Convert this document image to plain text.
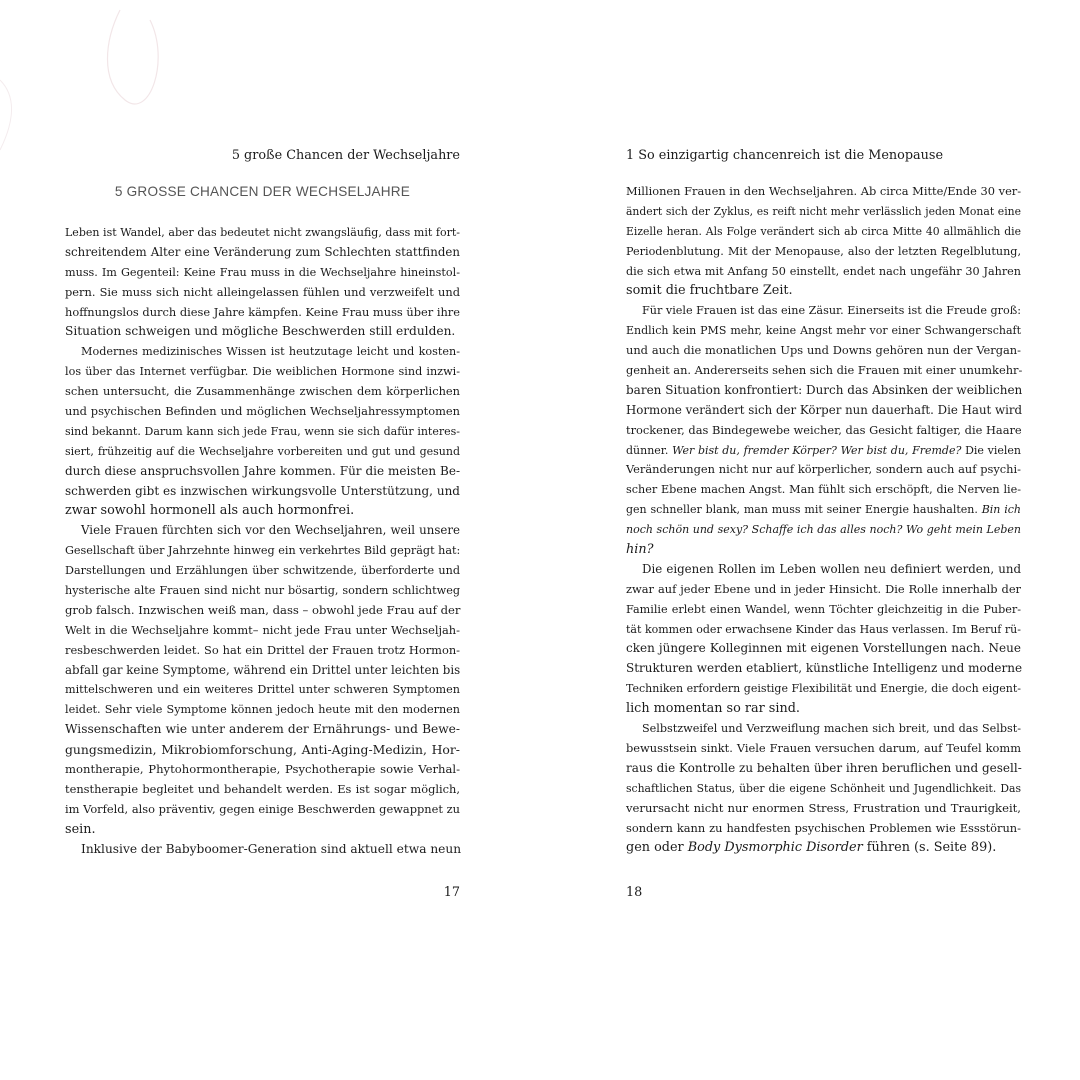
5 große Chancen der Wechseljahre
5 GROSSE CHANCEN DER WECHSELJAHRE
Leben ist Wandel, aber das bedeutet nicht zwangsläufig, dass mit fort-
schreitendem Alter eine Veränderung zum Schlechten stattfinden
muss. Im Gegenteil: Keine Frau muss in die Wechseljahre hineinstol-
pern. Sie muss sich nicht alleingelassen fühlen und verzweifelt und
hoffnungslos durch diese Jahre kämpfen. Keine Frau muss über ihre
Situation schweigen und mögliche Beschwerden still erdulden.
Modernes medizinisches Wissen ist heutzutage leicht und kosten-
los über das Internet verfügbar. Die weiblichen Hormone sind inzwi-
schen untersucht, die Zusammenhänge zwischen dem körperlichen
und psychischen Befinden und möglichen Wechseljahressymptomen
sind bekannt. Darum kann sich jede Frau, wenn sie sich dafür interes-
siert, frühzeitig auf die Wechseljahre vorbereiten und gut und gesund
durch diese anspruchsvollen Jahre kommen. Für die meisten Be-
schwerden gibt es inzwischen wirkungsvolle Unterstützung, und
zwar sowohl hormonell als auch hormonfrei.
Viele Frauen fürchten sich vor den Wechseljahren, weil unsere
Gesellschaft über Jahrzehnte hinweg ein verkehrtes Bild geprägt hat:
Darstellungen und Erzählungen über schwitzende, überforderte und
hysterische alte Frauen sind nicht nur bösartig, sondern schlichtweg
grob falsch. Inzwischen weiß man, dass – obwohl jede Frau auf der
Welt in die Wechseljahre kommt– nicht jede Frau unter Wechseljah-
resbeschwerden leidet. So hat ein Drittel der Frauen trotz Hormon-
abfall gar keine Symptome, während ein Drittel unter leichten bis
mittelschweren und ein weiteres Drittel unter schweren Symptomen
leidet. Sehr viele Symptome können jedoch heute mit den modernen
Wissenschaften wie unter anderem der Ernährungs- und Bewe-
gungsmedizin, Mikrobiomforschung, Anti-Aging-Medizin, Hor-
montherapie, Phytohormontherapie, Psychotherapie sowie Verhal-
tenstherapie begleitet und behandelt werden. Es ist sogar möglich,
im Vorfeld, also präventiv, gegen einige Beschwerden gewappnet zu
sein.
Inklusive der Babyboomer-Generation sind aktuell etwa neun
17
1 So einzigartig chancenreich ist die Menopause
Millionen Frauen in den Wechseljahren. Ab circa Mitte/Ende 30 ver-
ändert sich der Zyklus, es reift nicht mehr verlässlich jeden Monat eine
Eizelle heran. Als Folge verändert sich ab circa Mitte 40 allmählich die
Periodenblutung. Mit der Menopause, also der letzten Regelblutung,
die sich etwa mit Anfang 50 einstellt, endet nach ungefähr 30 Jahren
somit die fruchtbare Zeit.
Für viele Frauen ist das eine Zäsur. Einerseits ist die Freude groß:
Endlich kein PMS mehr, keine Angst mehr vor einer Schwangerschaft
und auch die monatlichen Ups und Downs gehören nun der Vergan-
genheit an. Andererseits sehen sich die Frauen mit einer unumkehr-
baren Situation konfrontiert: Durch das Absinken der weiblichen
Hormone verändert sich der Körper nun dauerhaft. Die Haut wird
trockener, das Bindegewebe weicher, das Gesicht faltiger, die Haare
dünner. Wer bist du, fremder Körper? Wer bist du, Fremde? Die vielen
Veränderungen nicht nur auf körperlicher, sondern auch auf psychi-
scher Ebene machen Angst. Man fühlt sich erschöpft, die Nerven lie-
gen schneller blank, man muss mit seiner Energie haushalten. Bin ich
noch schön und sexy? Schaffe ich das alles noch? Wo geht mein Leben
hin?
Die eigenen Rollen im Leben wollen neu definiert werden, und
zwar auf jeder Ebene und in jeder Hinsicht. Die Rolle innerhalb der
Familie erlebt einen Wandel, wenn Töchter gleichzeitig in die Puber-
tät kommen oder erwachsene Kinder das Haus verlassen. Im Beruf rü-
cken jüngere Kolleginnen mit eigenen Vorstellungen nach. Neue
Strukturen werden etabliert, künstliche Intelligenz und moderne
Techniken erfordern geistige Flexibilität und Energie, die doch eigent-
lich momentan so rar sind.
Selbstzweifel und Verzweiflung machen sich breit, und das Selbst-
bewusstsein sinkt. Viele Frauen versuchen darum, auf Teufel komm
raus die Kontrolle zu behalten über ihren beruflichen und gesell-
schaftlichen Status, über die eigene Schönheit und Jugendlichkeit. Das
verursacht nicht nur enormen Stress, Frustration und Traurigkeit,
sondern kann zu handfesten psychischen Problemen wie Essstörun-
gen oder Body Dysmorphic Disorder führen (s. Seite 89).
18
